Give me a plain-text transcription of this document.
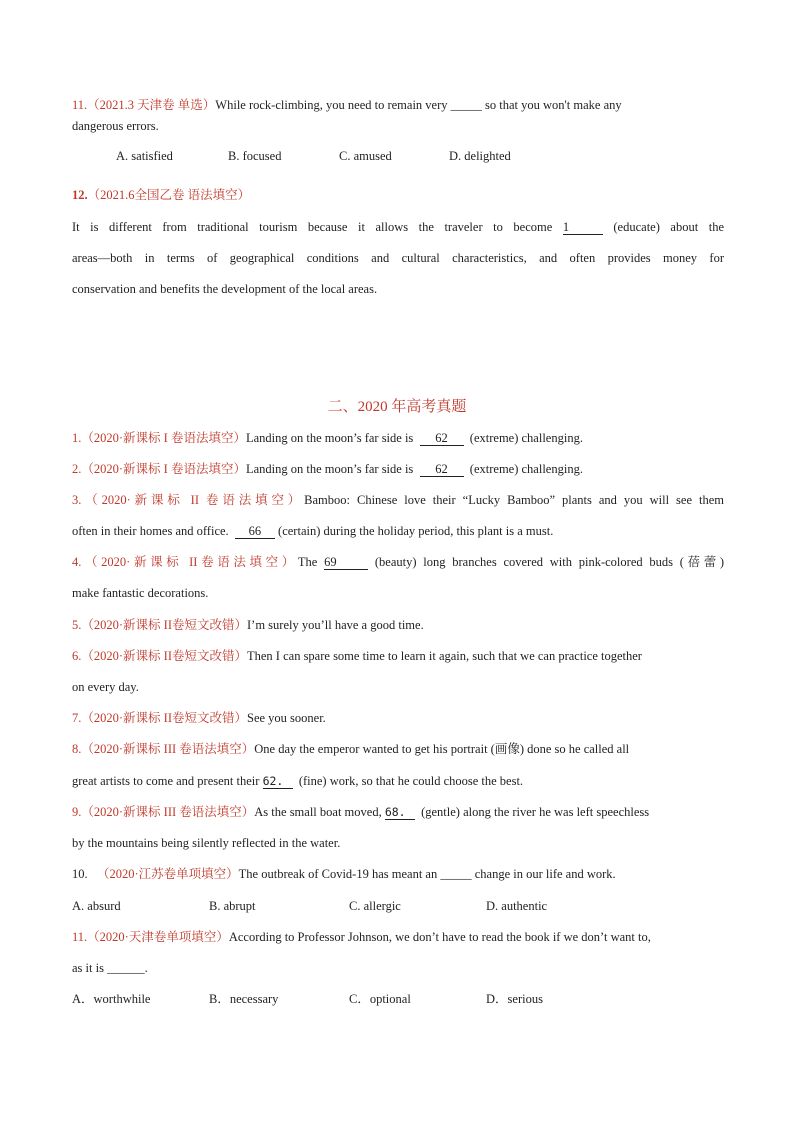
11.（2021.3 天津卷 单选）While rock-climbing, you need to remain very _____ so that you won't make any
dangerous errors.
A. satisfied	B. focused	C. amused	D. delighted
12.（2021.6全国乙卷 语法填空）
It is different from traditional tourism because it allows the traveler to become 1	(educate) about the
areas—both in terms of geographical conditions and cultural characteristics, and often provides money for
conservation and benefits the development of the local areas.
二、2020 年高考真题
1.（2020·新课标 I 卷语法填空）Landing on the moon’s far side is 62 (extreme) challenging.
2.（2020·新课标 I 卷语法填空）Landing on the moon’s far side is 62 (extreme) challenging.
3.（2020·新课标 II 卷语法填空）Bamboo: Chinese love their “Lucky Bamboo” plants and you will see them
often in their homes and office. 66 (certain) during the holiday period, this plant is a must.
4.（2020·新课标 II卷语法填空）The 69	(beauty) long branches covered with pink-colored buds (蓓蕾)
make fantastic decorations.
5.（2020·新课标 II卷短文改错）I’m surely you’ll have a good time.
6.（2020·新课标 II卷短文改错）Then I can spare some time to learn it again, such that we can practice together
on every day.
7.（2020·新课标 II卷短文改错）See you sooner.
8.（2020·新课标 III 卷语法填空）One day the emperor wanted to get his portrait (画像) done so he called all
great artists to come and present their 62. (fine) work, so that he could choose the best.
9.（2020·新课标 III 卷语法填空）As the small boat moved, 68. (gentle) along the river he was left speechless
by the mountains being silently reflected in the water.
10. （2020·江苏卷单项填空）The outbreak of Covid-19 has meant an _____ change in our life and work.
A. absurd	B. abrupt	C. allergic	D. authentic
11.（2020·天津卷单项填空）According to Professor Johnson, we don’t have to read the book if we don’t want to,
as it is ______.
A．worthwhile	B．necessary	C．optional	D．serious
